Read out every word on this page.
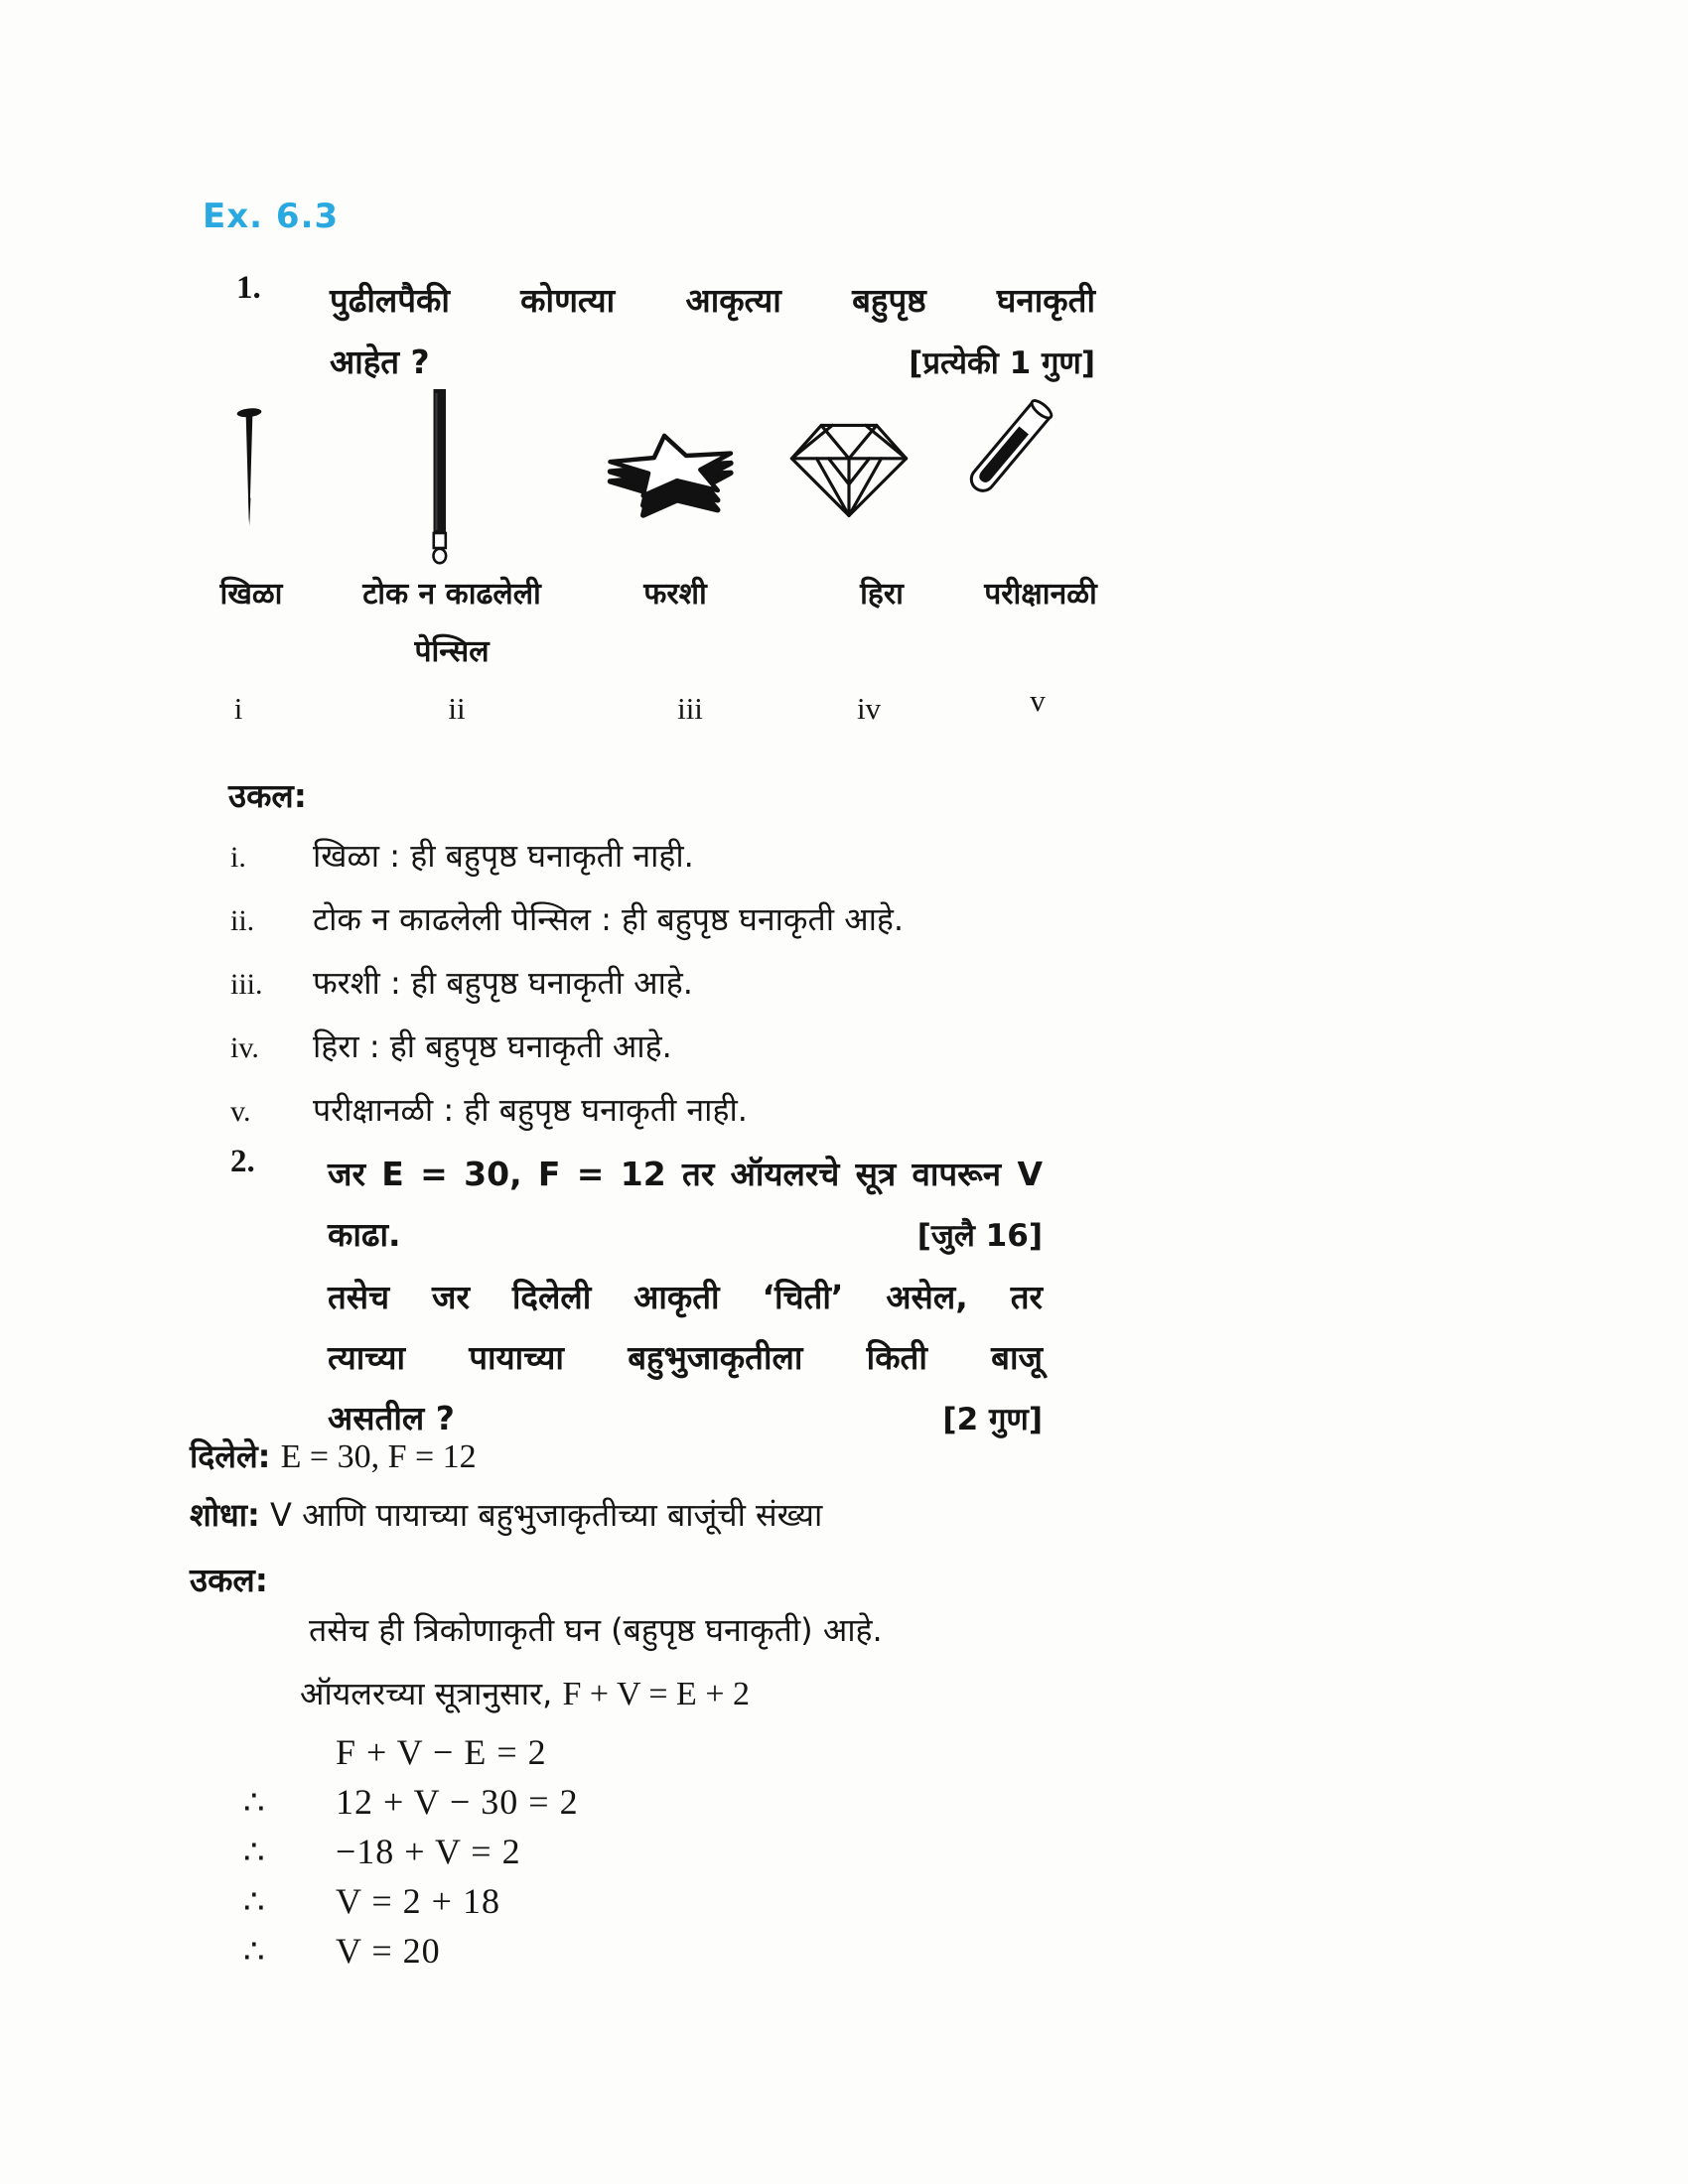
Ex. 6.3
1.	पुढीलपैकी कोणत्या आकृत्या बहुपृष्ठ घनाकृती
आहेत ?	[प्रत्येकी 1 गुण]
खिळा	टोक न काढलेली
पेन्सिल
फरशी	हिरा	परीक्षानळी
i	ii	iii	iv	v
उकल:
i.	खिळा : ही बहुपृष्ठ घनाकृती नाही.
ii.	टोक न काढलेली पेन्सिल : ही बहुपृष्ठ घनाकृती आहे.
iii.	फरशी : ही बहुपृष्ठ घनाकृती आहे.
iv.	हिरा : ही बहुपृष्ठ घनाकृती आहे.
v.	परीक्षानळी : ही बहुपृष्ठ घनाकृती नाही.
2.	जर E = 30, F = 12 तर ऑयलरचे सूत्र वापरून V
काढा.	[जुलै 16]
तसेच जर दिलेली आकृती ‘चिती’ असेल, तर
त्याच्या पायाच्या बहुभुजाकृतीला किती बाजू
असतील ?	[2 गुण]
दिलेले: E = 30, F = 12
शोधा: V आणि पायाच्या बहुभुजाकृतीच्या बाजूंची संख्या
उकल:
तसेच ही त्रिकोणाकृती घन (बहुपृष्ठ घनाकृती) आहे.
ऑयलरच्या सूत्रानुसार, F + V = E + 2
F + V − E = 2
∴	12 + V − 30 = 2
∴	−18 + V = 2
∴	V = 2 + 18
∴	V = 20
